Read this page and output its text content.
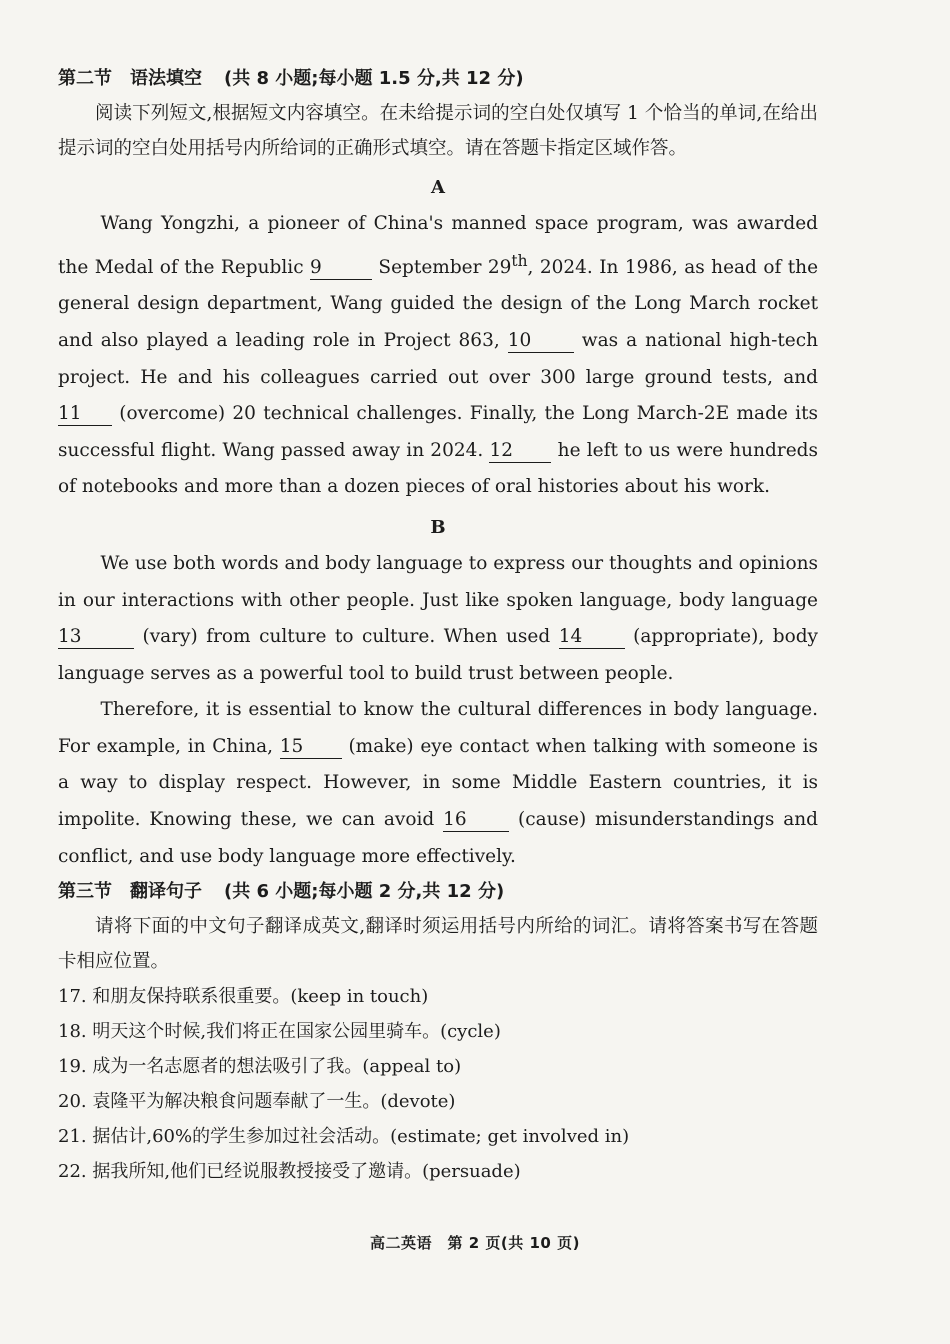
第二节　语法填空 (共 8 小题;每小题 1.5 分,共 12 分)

阅读下列短文,根据短文内容填空。在未给提示词的空白处仅填写 1 个恰当的单词,在给出提示词的空白处用括号内所给词的正确形式填空。请在答题卡指定区域作答。

A

Wang Yongzhi, a pioneer of China's manned space program, was awarded the Medal of the Republic 9	September 29th, 2024. In 1986, as head of the general design department, Wang guided the design of the Long March rocket and also played a leading role in Project 863, 10 was a national high-tech project. He and his colleagues carried out over 300 large ground tests, and 11 (overcome) 20 technical challenges. Finally, the Long March-2E made its successful flight. Wang passed away in 2024. 12 he left to us were hundreds of notebooks and more than a dozen pieces of oral histories about his work.

B

We use both words and body language to express our thoughts and opinions in our interactions with other people. Just like spoken language, body language 13	(vary) from culture to culture. When used 14 (appropriate), body language serves as a powerful tool to build trust between people.

Therefore, it is essential to know the cultural differences in body language. For example, in China, 15 (make) eye contact when talking with someone is a way to display respect. However, in some Middle Eastern countries, it is impolite. Knowing these, we can avoid 16 (cause) misunderstandings and conflict, and use body language more effectively.

第三节　翻译句子 (共 6 小题;每小题 2 分,共 12 分)

请将下面的中文句子翻译成英文,翻译时须运用括号内所给的词汇。请将答案书写在答题卡相应位置。

17. 和朋友保持联系很重要。(keep in touch)
18. 明天这个时候,我们将正在国家公园里骑车。(cycle)
19. 成为一名志愿者的想法吸引了我。(appeal to)
20. 袁隆平为解决粮食问题奉献了一生。(devote)
21. 据估计,60%的学生参加过社会活动。(estimate; get involved in)
22. 据我所知,他们已经说服教授接受了邀请。(persuade)
高二英语　第 2 页(共 10 页)
